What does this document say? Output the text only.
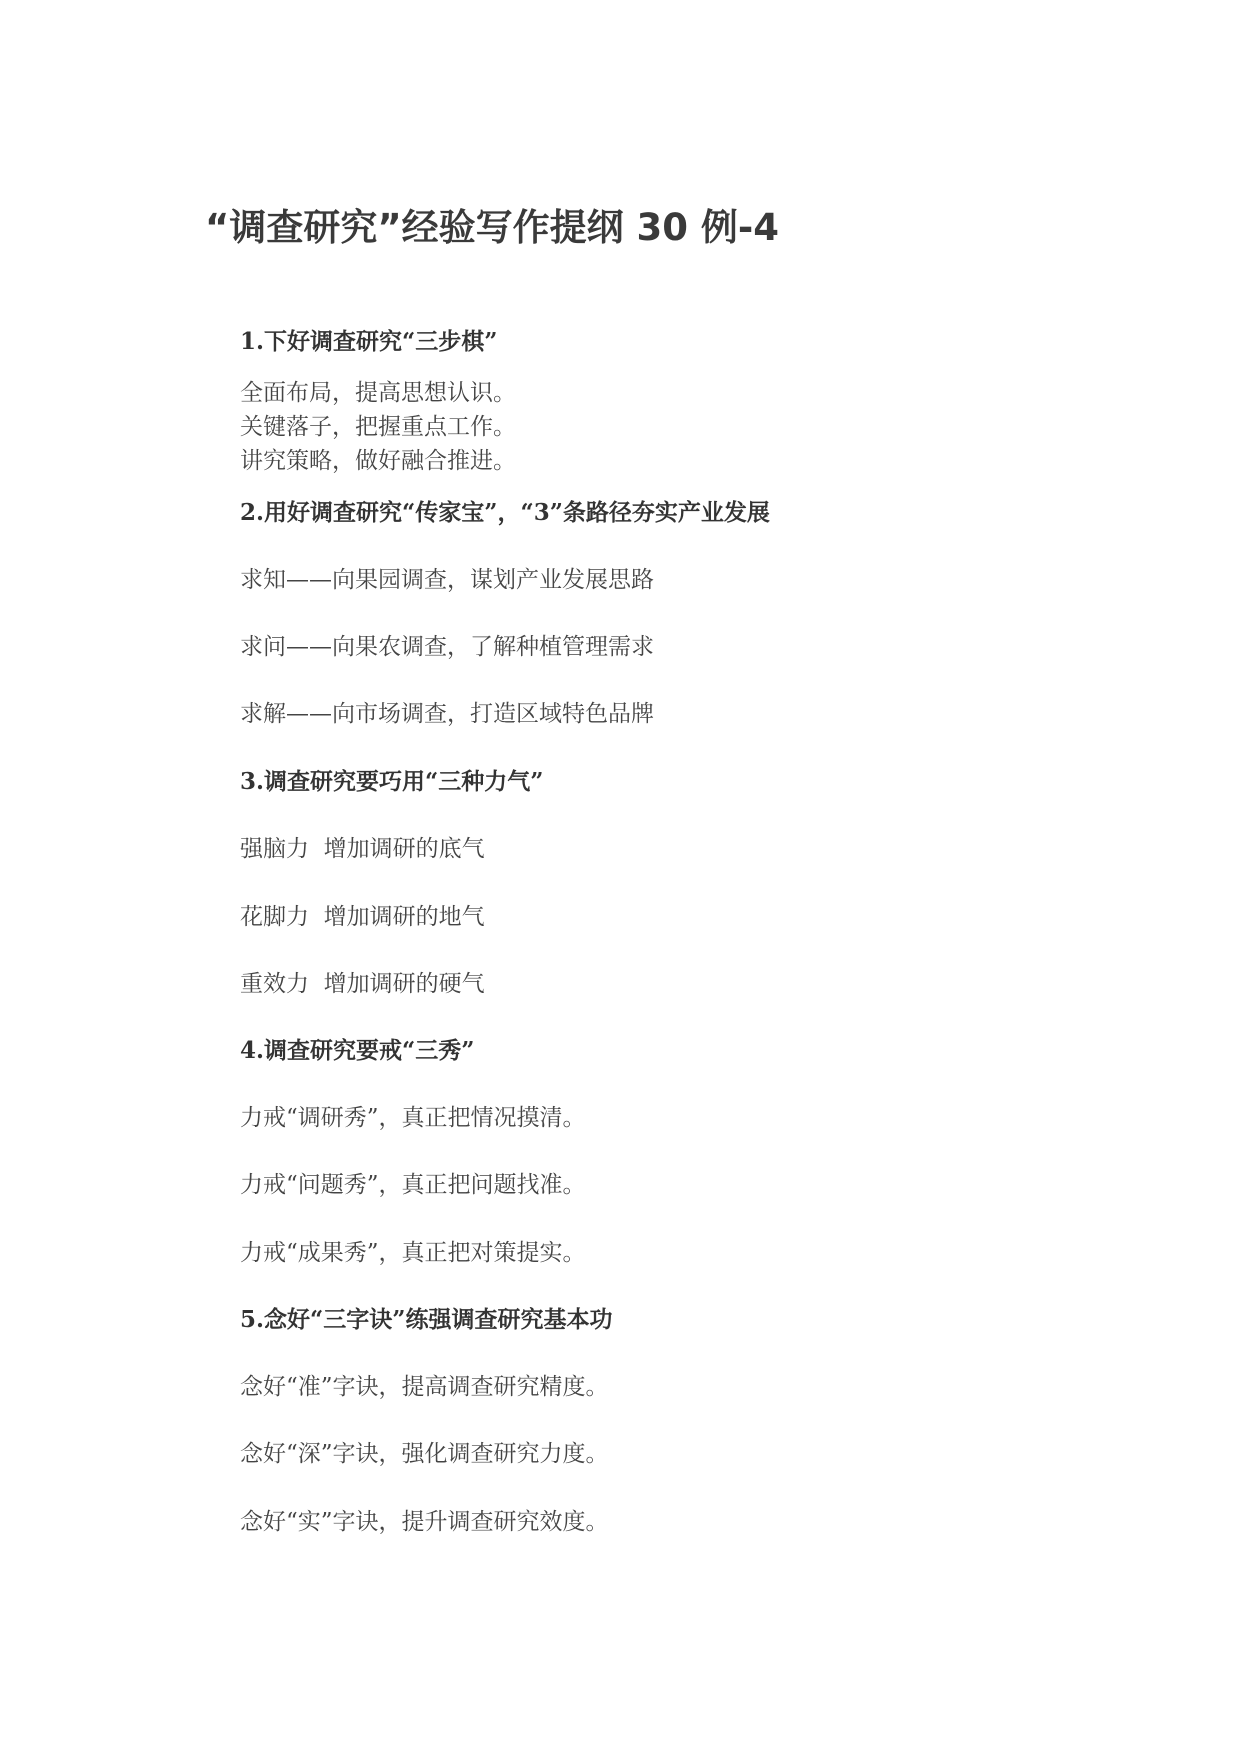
“调查研究”经验写作提纲 30 例-4
1.下好调查研究“三步棋”

全面布局，提高思想认识。

关键落子，把握重点工作。

讲究策略，做好融合推进。

2.用好调查研究“传家宝”，“3”条路径夯实产业发展

求知——向果园调查，谋划产业发展思路

求问——向果农调查，了解种植管理需求

求解——向市场调查，打造区域特色品牌

3.调查研究要巧用“三种力气”

强脑力  增加调研的底气

花脚力  增加调研的地气

重效力  增加调研的硬气

4.调查研究要戒“三秀”

力戒“调研秀”，真正把情况摸清。

力戒“问题秀”，真正把问题找准。

力戒“成果秀”，真正把对策提实。

5.念好“三字诀”练强调查研究基本功

念好“准”字诀，提高调查研究精度。

念好“深”字诀，强化调查研究力度。

念好“实”字诀，提升调查研究效度。
